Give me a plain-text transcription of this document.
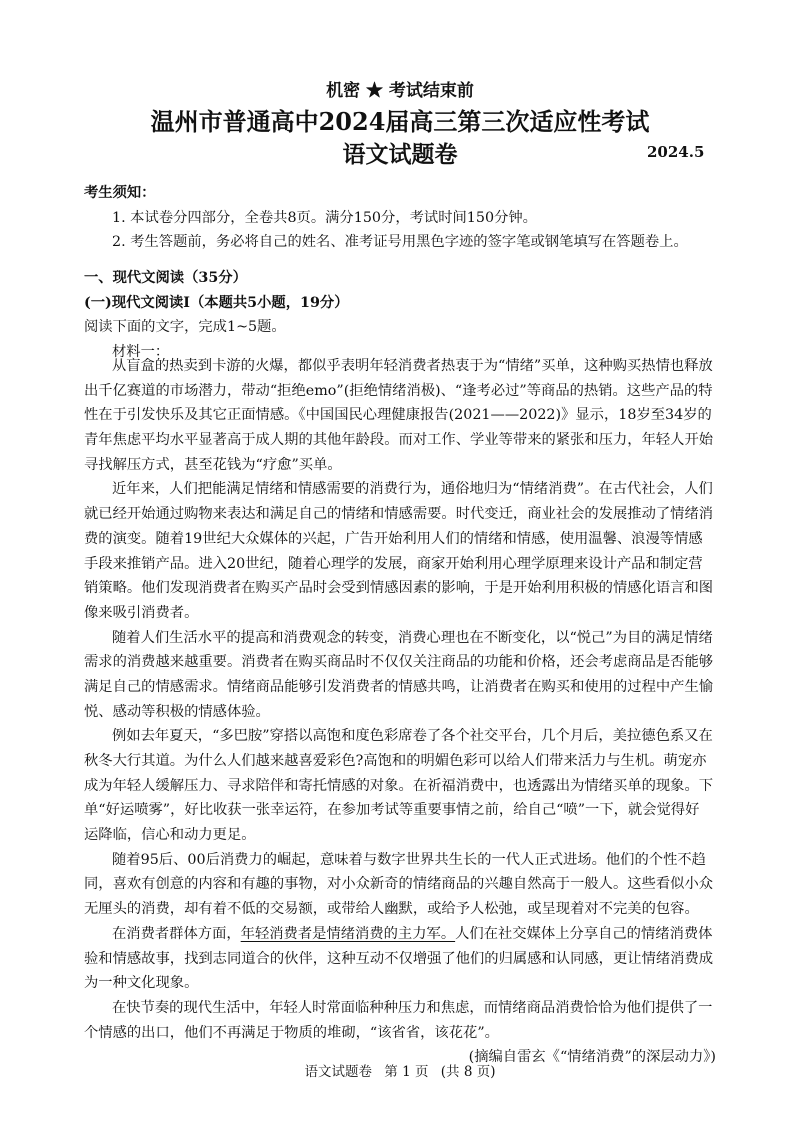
机密 ★ 考试结束前
温州市普通高中2024届高三第三次适应性考试
语文试题卷	2024.5
考生须知：
1. 本试卷分四部分，全卷共8页。满分150分，考试时间150分钟。
2. 考生答题前，务必将自己的姓名、准考证号用黑色字迹的签字笔或钢笔填写在答题卷上。
一、现代文阅读（35分）
(一)现代文阅读Ⅰ（本题共5小题，19分）
阅读下面的文字，完成1~5题。
材料一：
从盲盒的热卖到卡游的火爆，都似乎表明年轻消费者热衷于为“情绪”买单，这种购买热情也释放
出千亿赛道的市场潜力，带动“拒绝emo”(拒绝情绪消极)、“逢考必过”等商品的热销。这些产品的特
性在于引发快乐及其它正面情感。《中国国民心理健康报告(2021——2022)》显示，18岁至34岁的
青年焦虑平均水平显著高于成人期的其他年龄段。而对工作、学业等带来的紧张和压力，年轻人开始
寻找解压方式，甚至花钱为“疗愈”买单。
近年来，人们把能满足情绪和情感需要的消费行为，通俗地归为“情绪消费”。在古代社会，人们
就已经开始通过购物来表达和满足自己的情绪和情感需要。时代变迁，商业社会的发展推动了情绪消
费的演变。随着19世纪大众媒体的兴起，广告开始利用人们的情绪和情感，使用温馨、浪漫等情感
手段来推销产品。进入20世纪，随着心理学的发展，商家开始利用心理学原理来设计产品和制定营
销策略。他们发现消费者在购买产品时会受到情感因素的影响，于是开始利用积极的情感化语言和图
像来吸引消费者。
随着人们生活水平的提高和消费观念的转变，消费心理也在不断变化，以“悦己”为目的满足情绪
需求的消费越来越重要。消费者在购买商品时不仅仅关注商品的功能和价格，还会考虑商品是否能够
满足自己的情感需求。情绪商品能够引发消费者的情感共鸣，让消费者在购买和使用的过程中产生愉
悦、感动等积极的情感体验。
例如去年夏天，“多巴胺”穿搭以高饱和度色彩席卷了各个社交平台，几个月后，美拉德色系又在
秋冬大行其道。为什么人们越来越喜爱彩色?高饱和的明媚色彩可以给人们带来活力与生机。萌宠亦
成为年轻人缓解压力、寻求陪伴和寄托情感的对象。在祈福消费中，也透露出为情绪买单的现象。下
单“好运喷雾”，好比收获一张幸运符，在参加考试等重要事情之前，给自己“喷”一下，就会觉得好
运降临，信心和动力更足。
随着95后、00后消费力的崛起，意味着与数字世界共生长的一代人正式进场。他们的个性不趋
同，喜欢有创意的内容和有趣的事物，对小众新奇的情绪商品的兴趣自然高于一般人。这些看似小众
无厘头的消费，却有着不低的交易额，或带给人幽默，或给予人松弛，或呈现着对不完美的包容。
在消费者群体方面，年轻消费者是情绪消费的主力军。人们在社交媒体上分享自己的情绪消费体
验和情感故事，找到志同道合的伙伴，这种互动不仅增强了他们的归属感和认同感，更让情绪消费成
为一种文化现象。
在快节奏的现代生活中，年轻人时常面临种种压力和焦虑，而情绪商品消费恰恰为他们提供了一
个情感的出口，他们不再满足于物质的堆砌，“该省省，该花花”。
(摘编自雷玄《“情绪消费”的深层动力》)
语文试题卷 第 1 页 (共 8 页)
